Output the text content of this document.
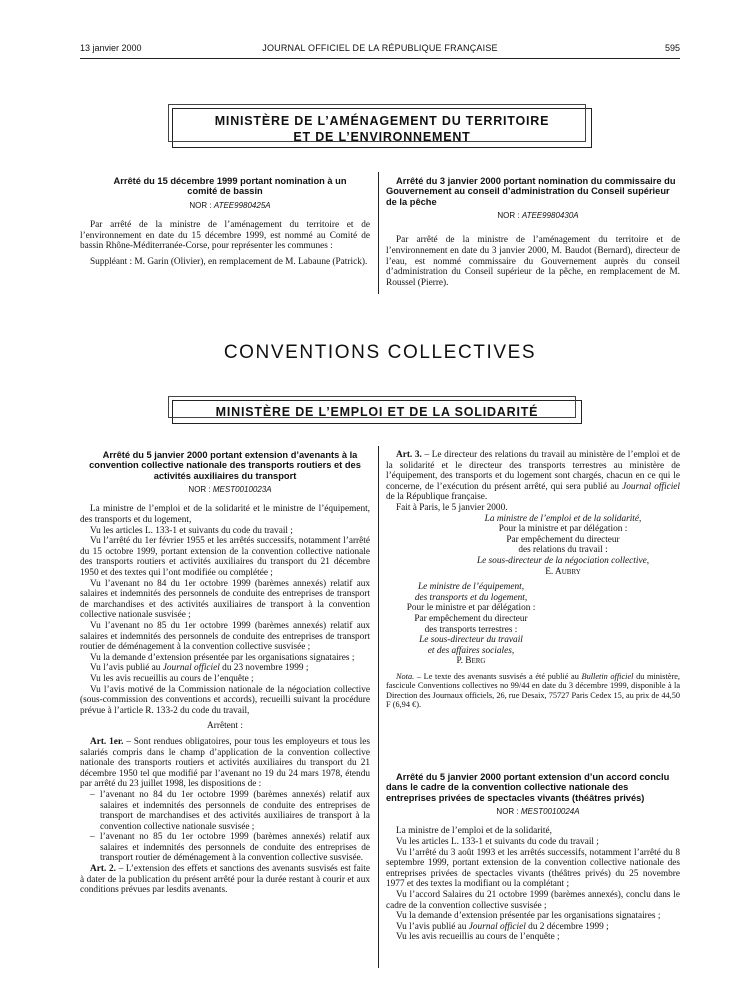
13 janvier 2000	JOURNAL OFFICIEL DE LA RÉPUBLIQUE FRANÇAISE	595
MINISTÈRE DE L’AMÉNAGEMENT DU TERRITOIRE
ET DE L’ENVIRONNEMENT

Arrêté du 15 décembre 1999 portant nomination à un comité de bassin

NOR : ATEE9980425A

Par arrêté de la ministre de l’aménagement du territoire et de l’environnement en date du 15 décembre 1999, est nommé au Comité de bassin Rhône-Méditerranée-Corse, pour représenter les communes :

Suppléant : M. Garin (Olivier), en remplacement de M. Labaune (Patrick).

Arrêté du 3 janvier 2000 portant nomination du commissaire du Gouvernement au conseil d’administration du Conseil supérieur de la pêche

NOR : ATEE9980430A

Par arrêté de la ministre de l’aménagement du territoire et de l’environnement en date du 3 janvier 2000, M. Baudot (Bernard), directeur de l’eau, est nommé commissaire du Gouvernement auprès du conseil d’administration du Conseil supérieur de la pêche, en remplacement de M. Roussel (Pierre).

CONVENTIONS COLLECTIVES
MINISTÈRE DE L’EMPLOI ET DE LA SOLIDARITÉ

Arrêté du 5 janvier 2000 portant extension d’avenants à la convention collective nationale des transports routiers et des activités auxiliaires du transport

NOR : MEST0010023A

La ministre de l’emploi et de la solidarité et le ministre de l’équipement, des transports et du logement,

Vu les articles L. 133-1 et suivants du code du travail ;

Vu l’arrêté du 1er février 1955 et les arrêtés successifs, notamment l’arrêté du 15 octobre 1999, portant extension de la convention collective nationale des transports routiers et activités auxiliaires du transport du 21 décembre 1950 et des textes qui l’ont modifiée ou complétée ;

Vu l’avenant no 84 du 1er octobre 1999 (barèmes annexés) relatif aux salaires et indemnités des personnels de conduite des entreprises de transport de marchandises et des activités auxiliaires de transport à la convention collective nationale susvisée ;

Vu l’avenant no 85 du 1er octobre 1999 (barèmes annexés) relatif aux salaires et indemnités des personnels de conduite des entreprises de transport routier de déménagement à la convention collective susvisée ;

Vu la demande d’extension présentée par les organisations signataires ;

Vu l’avis publié au Journal officiel du 23 novembre 1999 ;

Vu les avis recueillis au cours de l’enquête ;

Vu l’avis motivé de la Commission nationale de la négociation collective (sous-commission des conventions et accords), recueilli suivant la procédure prévue à l’article R. 133-2 du code du travail,

Arrêtent :

Art. 1er. – Sont rendues obligatoires, pour tous les employeurs et tous les salariés compris dans le champ d’application de la convention collective nationale des transports routiers et activités auxiliaires du transport du 21 décembre 1950 tel que modifié par l’avenant no 19 du 24 mars 1978, étendu par arrêté du 23 juillet 1998, les dispositions de :

– l’avenant no 84 du 1er octobre 1999 (barèmes annexés) relatif aux salaires et indemnités des personnels de conduite des entreprises de transport de marchandises et des activités auxiliaires de transport à la convention collective nationale susvisée ;
– l’avenant no 85 du 1er octobre 1999 (barèmes annexés) relatif aux salaires et indemnités des personnels de conduite des entreprises de transport routier de déménagement à la convention collective susvisée.

Art. 2. – L’extension des effets et sanctions des avenants susvisés est faite à dater de la publication du présent arrêté pour la durée restant à courir et aux conditions prévues par lesdits avenants.

Art. 3. – Le directeur des relations du travail au ministère de l’emploi et de la solidarité et le directeur des transports terrestres au ministère de l’équipement, des transports et du logement sont chargés, chacun en ce qui le concerne, de l’exécution du présent arrêté, qui sera publié au Journal officiel de la République française.

Fait à Paris, le 5 janvier 2000.

La ministre de l’emploi et de la solidarité,
Pour la ministre et par délégation :
Par empêchement du directeur
des relations du travail :
Le sous-directeur de la négociation collective,
E. Aubry
Le ministre de l’équipement,
des transports et du logement,
Pour le ministre et par délégation :
Par empêchement du directeur
des transports terrestres :
Le sous-directeur du travail
et des affaires sociales,
P. Berg

Nota. – Le texte des avenants susvisés a été publié au Bulletin officiel du ministère, fascicule Conventions collectives no 99/44 en date du 3 décembre 1999, disponible à la Direction des Journaux officiels, 26, rue Desaix, 75727 Paris Cedex 15, au prix de 44,50 F (6,94 €).

Arrêté du 5 janvier 2000 portant extension d’un accord conclu dans le cadre de la convention collective nationale des entreprises privées de spectacles vivants (théâtres privés)

NOR : MEST0010024A

La ministre de l’emploi et de la solidarité,

Vu les articles L. 133-1 et suivants du code du travail ;

Vu l’arrêté du 3 août 1993 et les arrêtés successifs, notamment l’arrêté du 8 septembre 1999, portant extension de la convention collective nationale des entreprises privées de spectacles vivants (théâtres privés) du 25 novembre 1977 et des textes la modifiant ou la complétant ;

Vu l’accord Salaires du 21 octobre 1999 (barèmes annexés), conclu dans le cadre de la convention collective susvisée ;

Vu la demande d’extension présentée par les organisations signataires ;

Vu l’avis publié au Journal officiel du 2 décembre 1999 ;

Vu les avis recueillis au cours de l’enquête ;
